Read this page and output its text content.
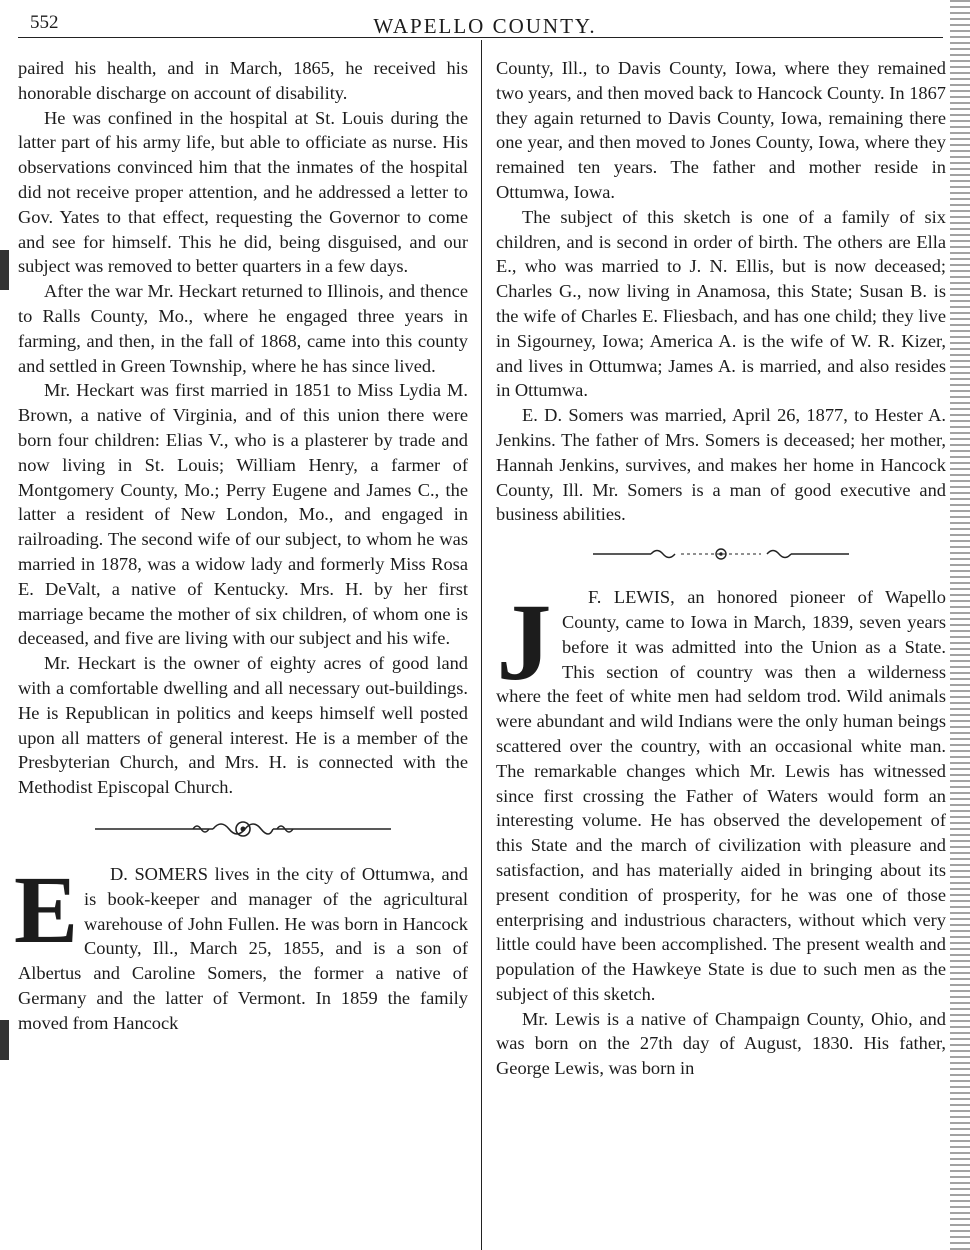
552	WAPELLO COUNTY.

paired his health, and in March, 1865, he received his honorable discharge on account of disability.

He was confined in the hospital at St. Louis during the latter part of his army life, but able to officiate as nurse. His observations convinced him that the inmates of the hospital did not receive proper attention, and he addressed a letter to Gov. Yates to that effect, requesting the Governor to come and see for himself. This he did, being disguised, and our subject was removed to better quarters in a few days.

After the war Mr. Heckart returned to Illinois, and thence to Ralls County, Mo., where he engaged three years in farming, and then, in the fall of 1868, came into this county and settled in Green Township, where he has since lived.

Mr. Heckart was first married in 1851 to Miss Lydia M. Brown, a native of Virginia, and of this union there were born four children: Elias V., who is a plasterer by trade and now living in St. Louis; William Henry, a farmer of Montgomery County, Mo.; Perry Eugene and James C., the latter a resident of New London, Mo., and engaged in railroading. The second wife of our subject, to whom he was married in 1878, was a widow lady and formerly Miss Rosa E. DeValt, a native of Kentucky. Mrs. H. by her first marriage became the mother of six children, of whom one is deceased, and five are living with our subject and his wife.

Mr. Heckart is the owner of eighty acres of good land with a comfortable dwelling and all necessary out-buildings. He is Republican in politics and keeps himself well posted upon all matters of general interest. He is a member of the Presbyterian Church, and Mrs. H. is connected with the Methodist Episcopal Church.

E	D. SOMERS lives in the city of Ottumwa, and is book-keeper and manager of the agricultural warehouse of John Fullen. He was born in Hancock County, Ill., March 25, 1855, and is a son of Albertus and Caroline Somers, the former a native of Germany and the latter of Vermont. In 1859 the family moved from Hancock

County, Ill., to Davis County, Iowa, where they remained two years, and then moved back to Hancock County. In 1867 they again returned to Davis County, Iowa, remaining there one year, and then moved to Jones County, Iowa, where they remained ten years. The father and mother reside in Ottumwa, Iowa.

The subject of this sketch is one of a family of six children, and is second in order of birth. The others are Ella E., who was married to J. N. Ellis, but is now deceased; Charles G., now living in Anamosa, this State; Susan B. is the wife of Charles E. Fliesbach, and has one child; they live in Sigourney, Iowa; America A. is the wife of W. R. Kizer, and lives in Ottumwa; James A. is married, and also resides in Ottumwa.

E. D. Somers was married, April 26, 1877, to Hester A. Jenkins. The father of Mrs. Somers is deceased; her mother, Hannah Jenkins, survives, and makes her home in Hancock County, Ill. Mr. Somers is a man of good executive and business abilities.

J	F. LEWIS, an honored pioneer of Wapello County, came to Iowa in March, 1839, seven years before it was admitted into the Union as a State. This section of country was then a wilderness where the feet of white men had seldom trod. Wild animals were abundant and wild Indians were the only human beings scattered over the country, with an occasional white man. The remarkable changes which Mr. Lewis has witnessed since first crossing the Father of Waters would form an interesting volume. He has observed the developement of this State and the march of civilization with pleasure and satisfaction, and has materially aided in bringing about its present condition of prosperity, for he was one of those enterprising and industrious characters, without which very little could have been accomplished. The present wealth and population of the Hawkeye State is due to such men as the subject of this sketch.

Mr. Lewis is a native of Champaign County, Ohio, and was born on the 27th day of August, 1830. His father, George Lewis, was born in
